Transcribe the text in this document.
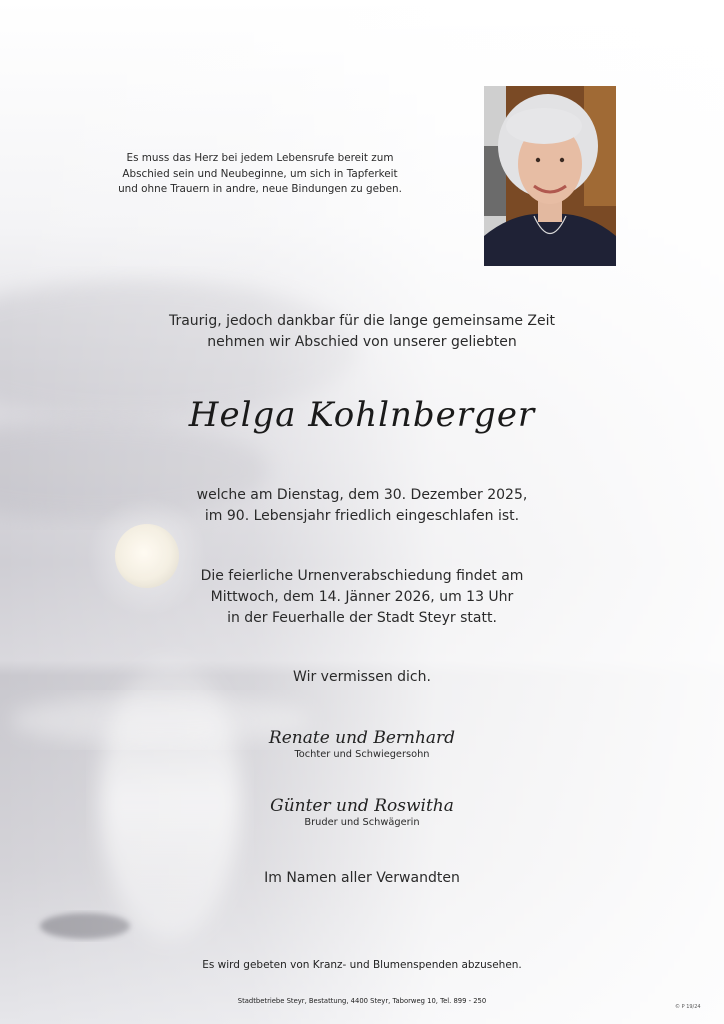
Es muss das Herz bei jedem Lebensrufe bereit zum
Abschied sein und Neubeginne, um sich in Tapferkeit
und ohne Trauern in andre, neue Bindungen zu geben.
Traurig, jedoch dankbar für die lange gemeinsame Zeit
nehmen wir Abschied von unserer geliebten
Helga Kohlnberger
welche am Dienstag, dem 30. Dezember 2025,
im 90. Lebensjahr friedlich eingeschlafen ist.
Die feierliche Urnenverabschiedung findet am
Mittwoch, dem 14. Jänner 2026, um 13 Uhr
in der Feuerhalle der Stadt Steyr statt.
Wir vermissen dich.
Renate und Bernhard
Tochter und Schwiegersohn
Günter und Roswitha
Bruder und Schwägerin
Im Namen aller Verwandten
Es wird gebeten von Kranz- und Blumenspenden abzusehen.
Stadtbetriebe Steyr, Bestattung, 4400 Steyr, Taborweg 10, Tel. 899 - 250
© P 19/24
